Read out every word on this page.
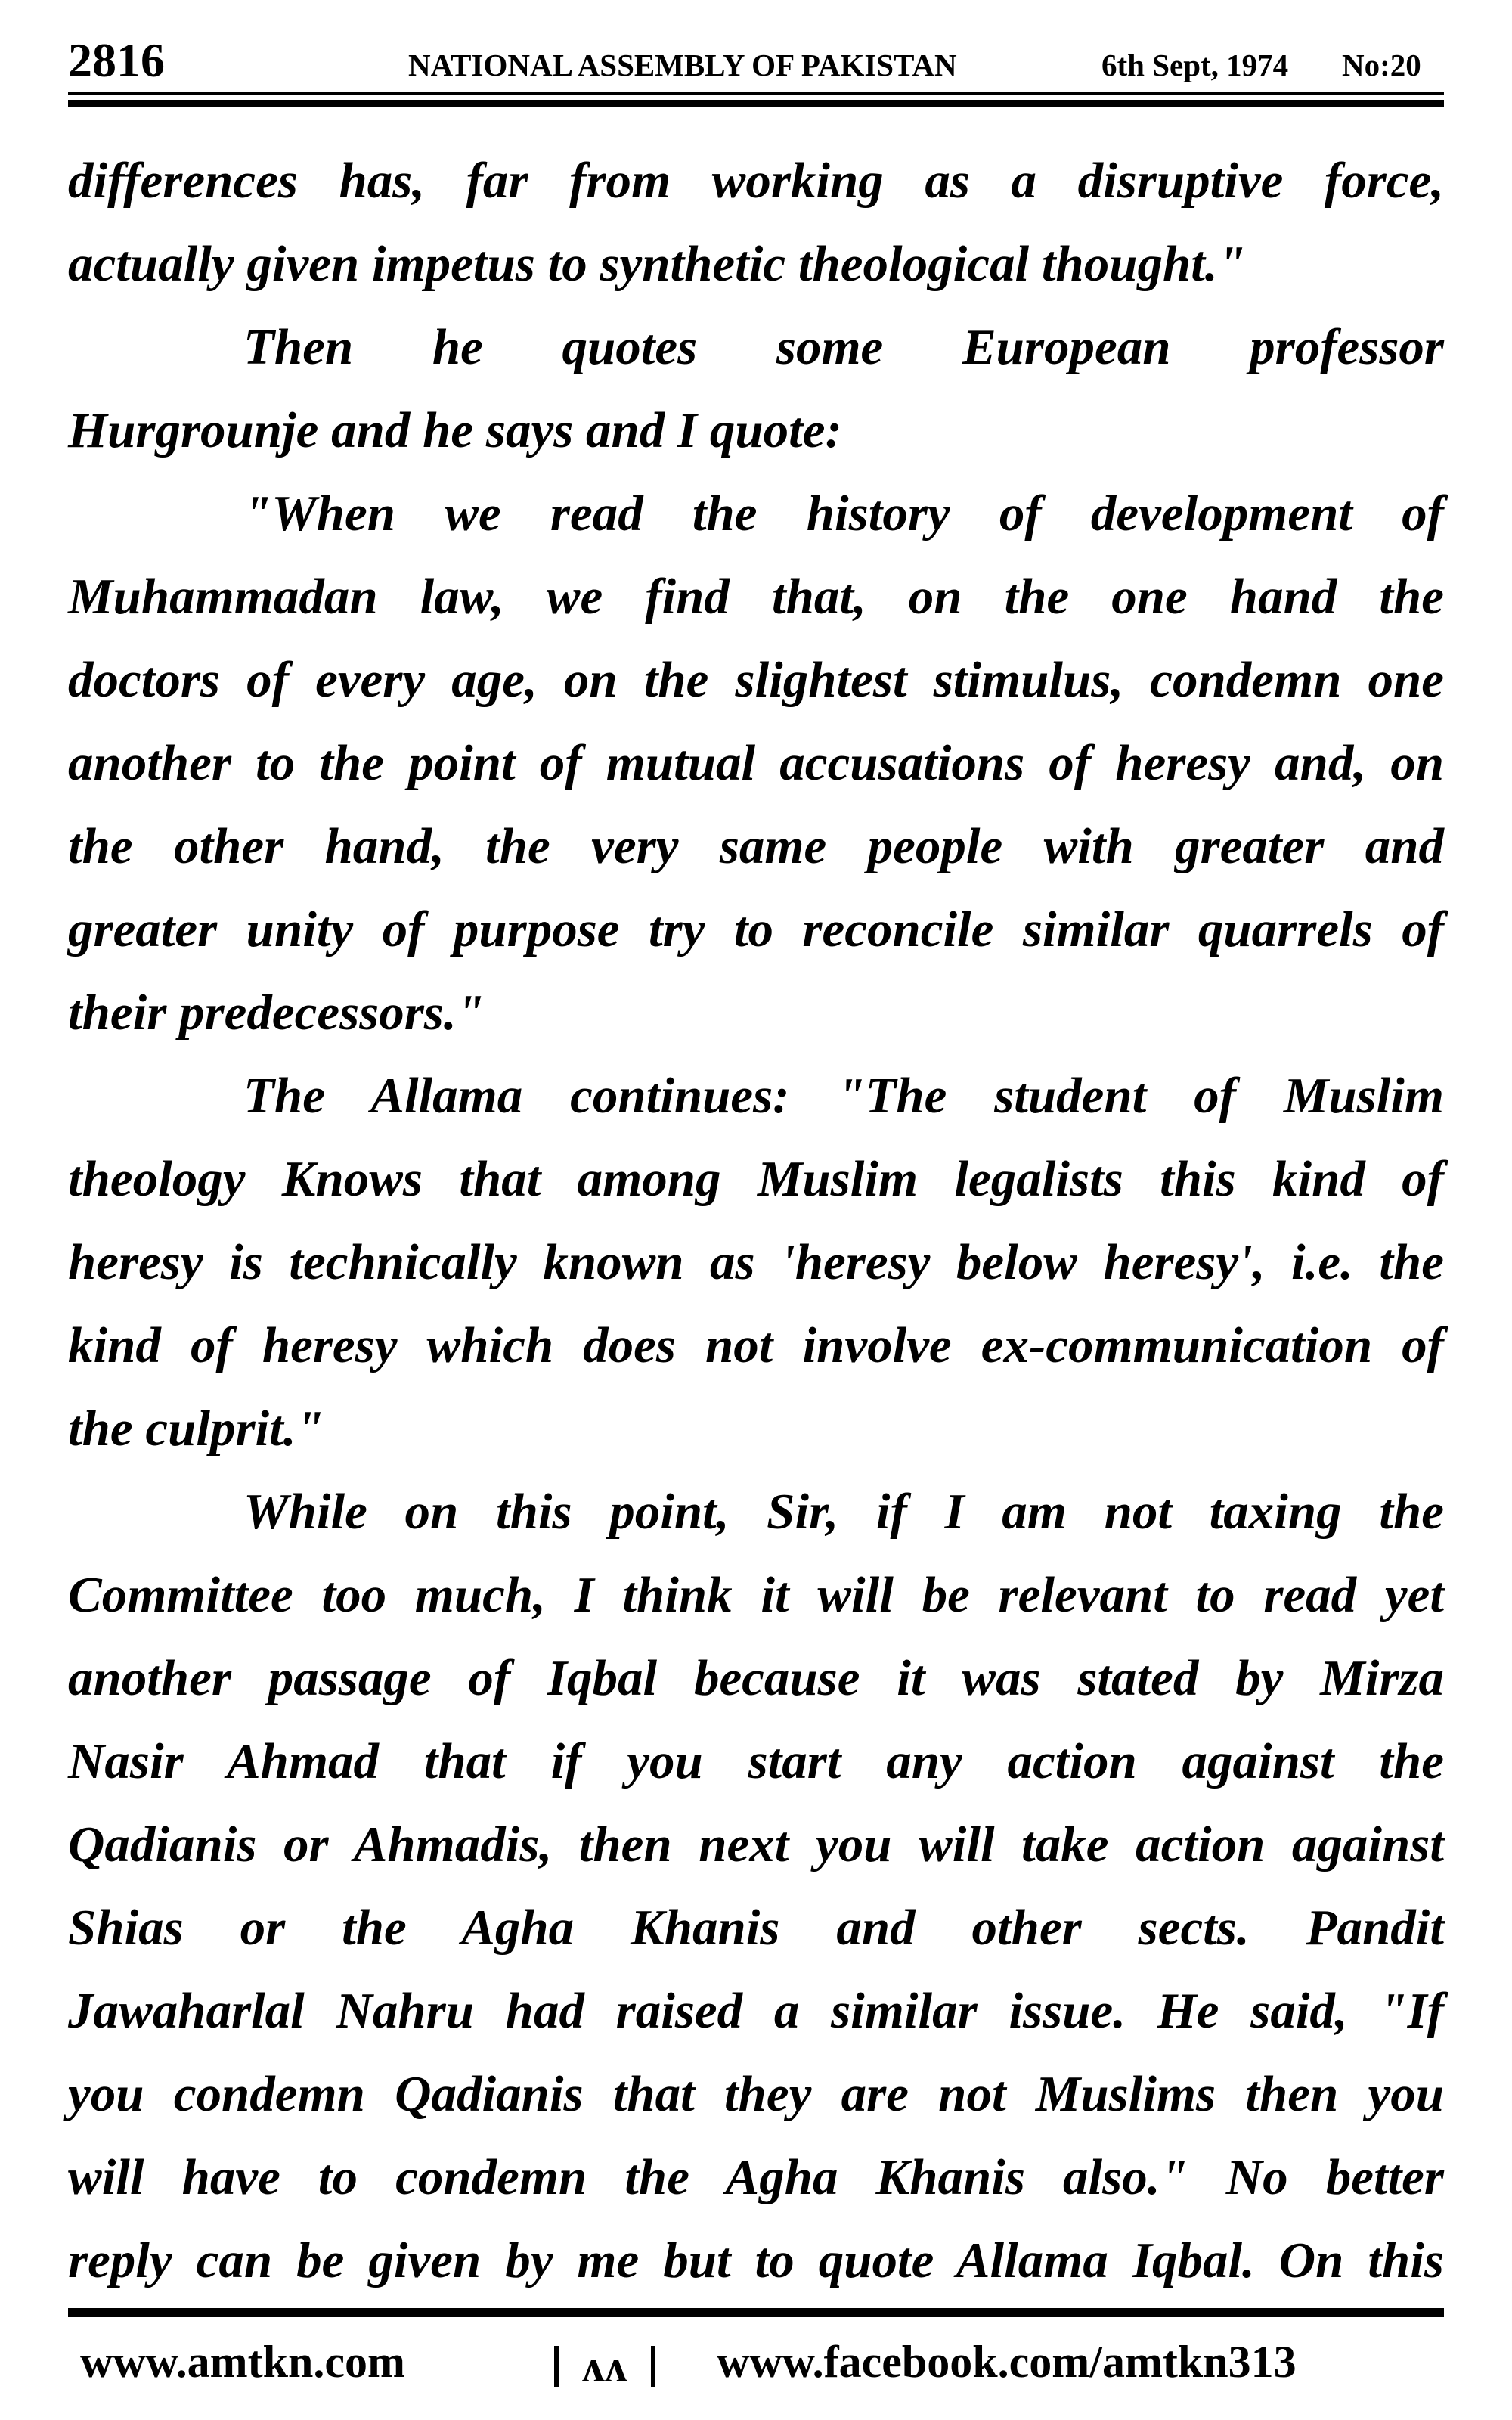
2816	NATIONAL ASSEMBLY OF PAKISTAN	6th Sept, 1974 No:20

differences has, far from working as a disruptive force,
actually given impetus to synthetic theological thought."

Then he quotes some European professor
Hurgrounje and he says and I quote:

"When we read the history of development of
Muhammadan law, we find that, on the one hand the
doctors of every age, on the slightest stimulus, condemn one
another to the point of mutual accusations of heresy and, on
the other hand, the very same people with greater and
greater unity of purpose try to reconcile similar quarrels of
their predecessors."

The Allama continues: "The student of Muslim
theology Knows that among Muslim legalists this kind of
heresy is technically known as 'heresy below heresy', i.e. the
kind of heresy which does not involve ex-communication of
the culprit."

While on this point, Sir, if I am not taxing the
Committee too much, I think it will be relevant to read yet
another passage of Iqbal because it was stated by Mirza
Nasir Ahmad that if you start any action against the
Qadianis or Ahmadis, then next you will take action against
Shias or the Agha Khanis and other sects. Pandit
Jawaharlal Nahru had raised a similar issue. He said, "If
you condemn Qadianis that they are not Muslims then you
will have to condemn the Agha Khanis also." No better
reply can be given by me but to quote Allama Iqbal. On this

www.amtkn.com	ʌʌ	www.facebook.com/amtkn313
